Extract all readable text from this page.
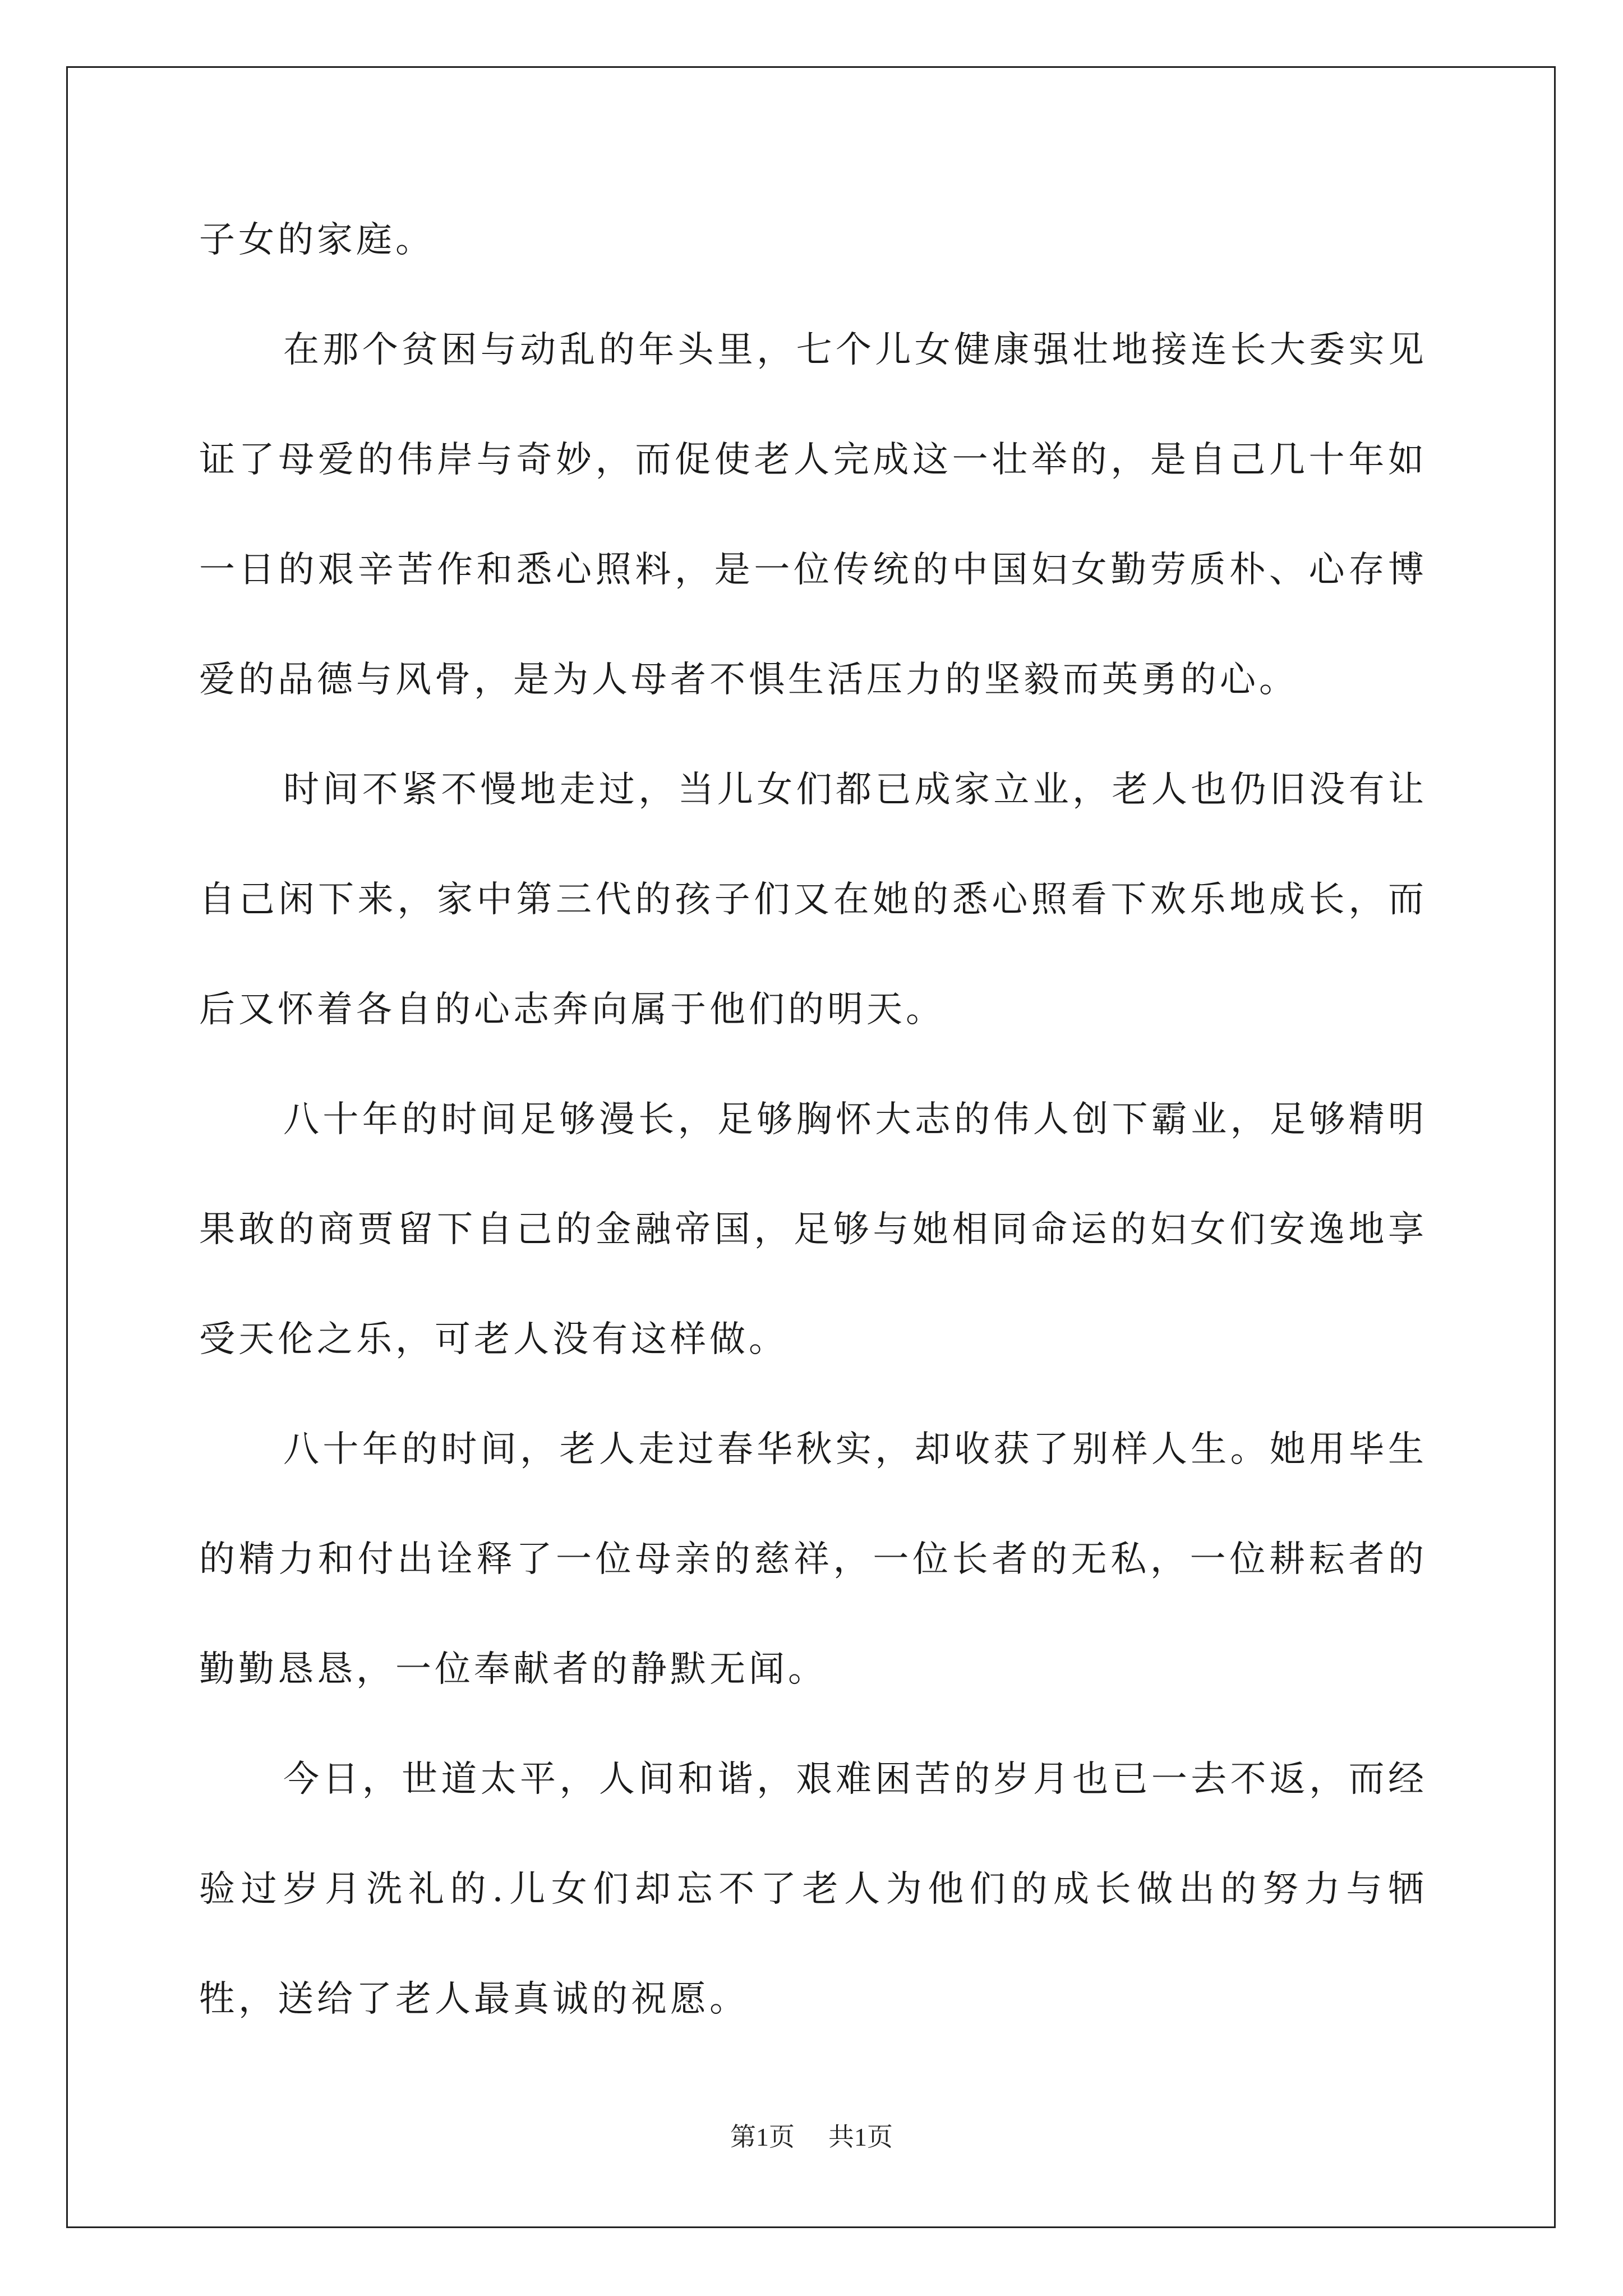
子女的家庭。

在那个贫困与动乱的年头里，七个儿女健康强壮地接连长大委实见证了母爱的伟岸与奇妙，而促使老人完成这一壮举的，是自己几十年如一日的艰辛苦作和悉心照料，是一位传统的中国妇女勤劳质朴、心存博爱的品德与风骨，是为人母者不惧生活压力的坚毅而英勇的心。

时间不紧不慢地走过，当儿女们都已成家立业，老人也仍旧没有让自己闲下来，家中第三代的孩子们又在她的悉心照看下欢乐地成长，而后又怀着各自的心志奔向属于他们的明天。

八十年的时间足够漫长，足够胸怀大志的伟人创下霸业，足够精明果敢的商贾留下自己的金融帝国，足够与她相同命运的妇女们安逸地享受天伦之乐，可老人没有这样做。

八十年的时间，老人走过春华秋实，却收获了别样人生。她用毕生的精力和付出诠释了一位母亲的慈祥，一位长者的无私，一位耕耘者的勤勤恳恳，一位奉献者的静默无闻。

今日，世道太平，人间和谐，艰难困苦的岁月也已一去不返，而经验过岁月洗礼的.儿女们却忘不了老人为他们的成长做出的努力与牺牲，送给了老人最真诚的祝愿。

第1页 共1页
